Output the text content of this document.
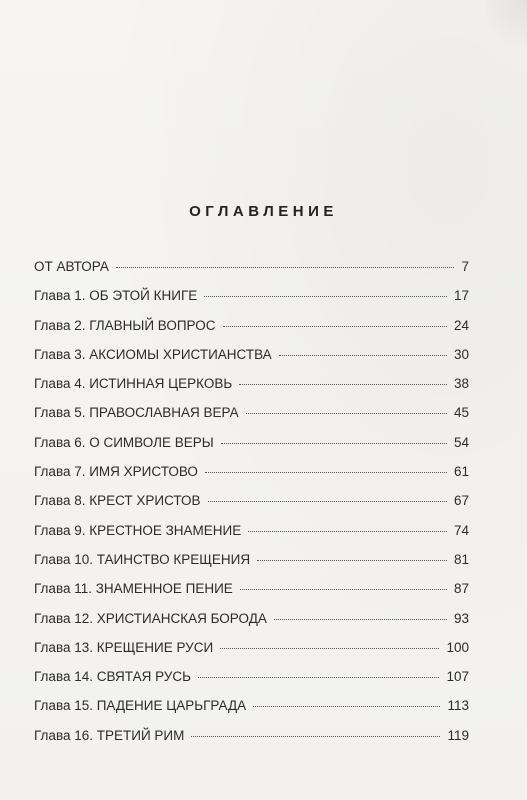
ОГЛАВЛЕНИЕ
ОТ АВТОРА	7
Глава 1. ОБ ЭТОЙ КНИГЕ	17
Глава 2. ГЛАВНЫЙ ВОПРОС	24
Глава 3. АКСИОМЫ ХРИСТИАНСТВА	30
Глава 4. ИСТИННАЯ ЦЕРКОВЬ	38
Глава 5. ПРАВОСЛАВНАЯ ВЕРА	45
Глава 6. О СИМВОЛЕ ВЕРЫ	54
Глава 7. ИМЯ ХРИСТОВО	61
Глава 8. КРЕСТ ХРИСТОВ	67
Глава 9. КРЕСТНОЕ ЗНАМЕНИЕ	74
Глава 10. ТАИНСТВО КРЕЩЕНИЯ	81
Глава 11. ЗНАМЕННОЕ ПЕНИЕ	87
Глава 12. ХРИСТИАНСКАЯ БОРОДА	93
Глава 13. КРЕЩЕНИЕ РУСИ	100
Глава 14. СВЯТАЯ РУСЬ	107
Глава 15. ПАДЕНИЕ ЦАРЬГРАДА	113
Глава 16. ТРЕТИЙ РИМ	119
